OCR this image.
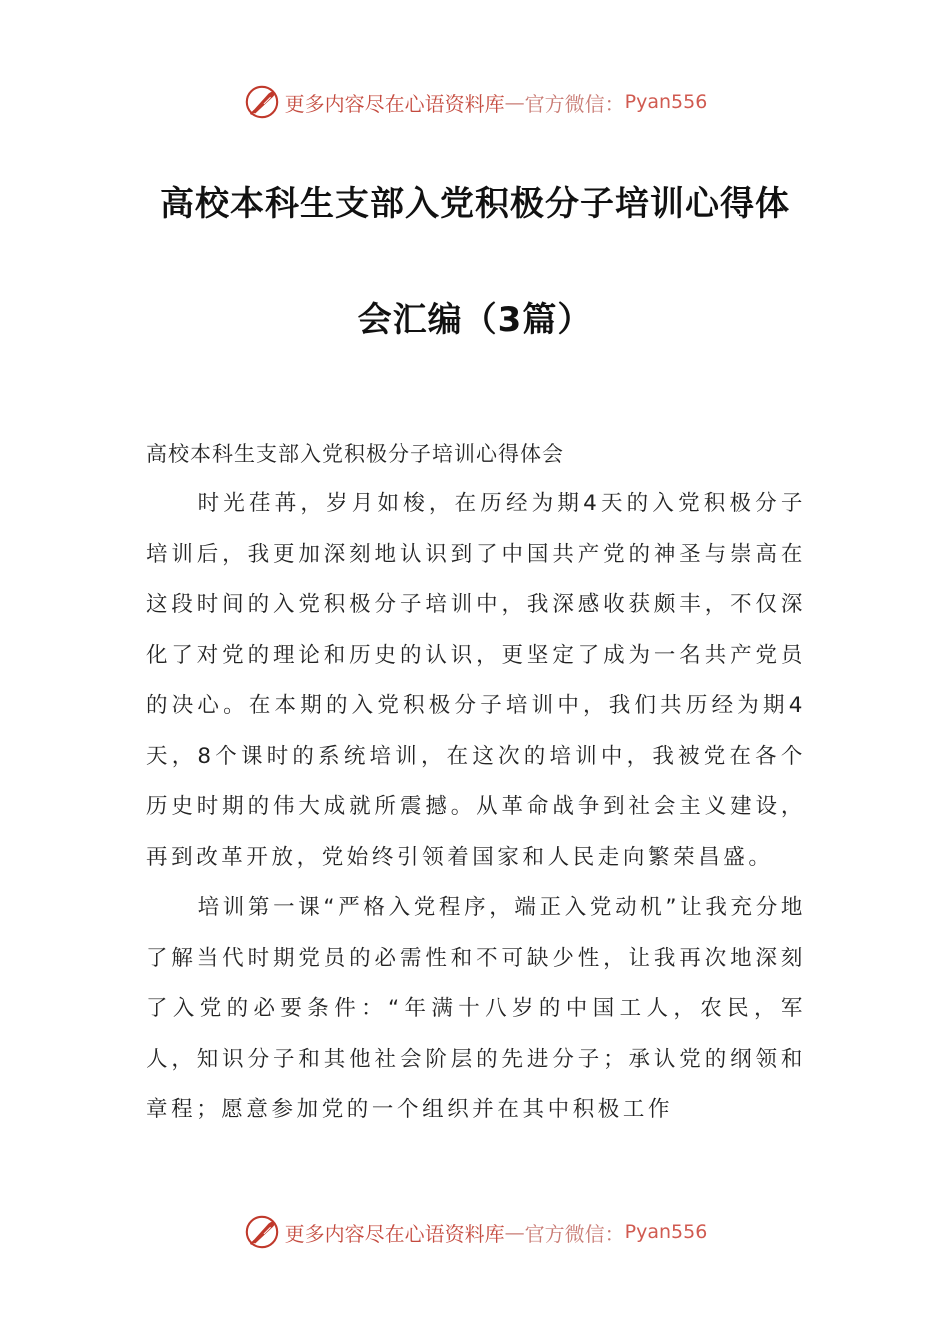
更多内容尽在心语资料库 — 官方微信： Pyan556
高校本科生支部入党积极分子培训心得体
会汇编（3篇）
高校本科生支部入党积极分子培训心得体会

时光荏苒，岁月如梭，在历经为期4天的入党积极分子培训后，我更加深刻地认识到了中国共产党的神圣与崇高在这段时间的入党积极分子培训中，我深感收获颇丰，不仅深化了对党的理论和历史的认识，更坚定了成为一名共产党员的决心。在本期的入党积极分子培训中，我们共历经为期4天，8个课时的系统培训，在这次的培训中，我被党在各个历史时期的伟大成就所震撼。从革命战争到社会主义建设，再到改革开放，党始终引领着国家和人民走向繁荣昌盛。

培训第一课“严格入党程序，端正入党动机”让我充分地了解当代时期党员的必需性和不可缺少性，让我再次地深刻了入党的必要条件：“年满十八岁的中国工人，农民，军人，知识分子和其他社会阶层的先进分子；承认党的纲领和章程；愿意参加党的一个组织并在其中积极工作

更多内容尽在心语资料库 — 官方微信： Pyan556
